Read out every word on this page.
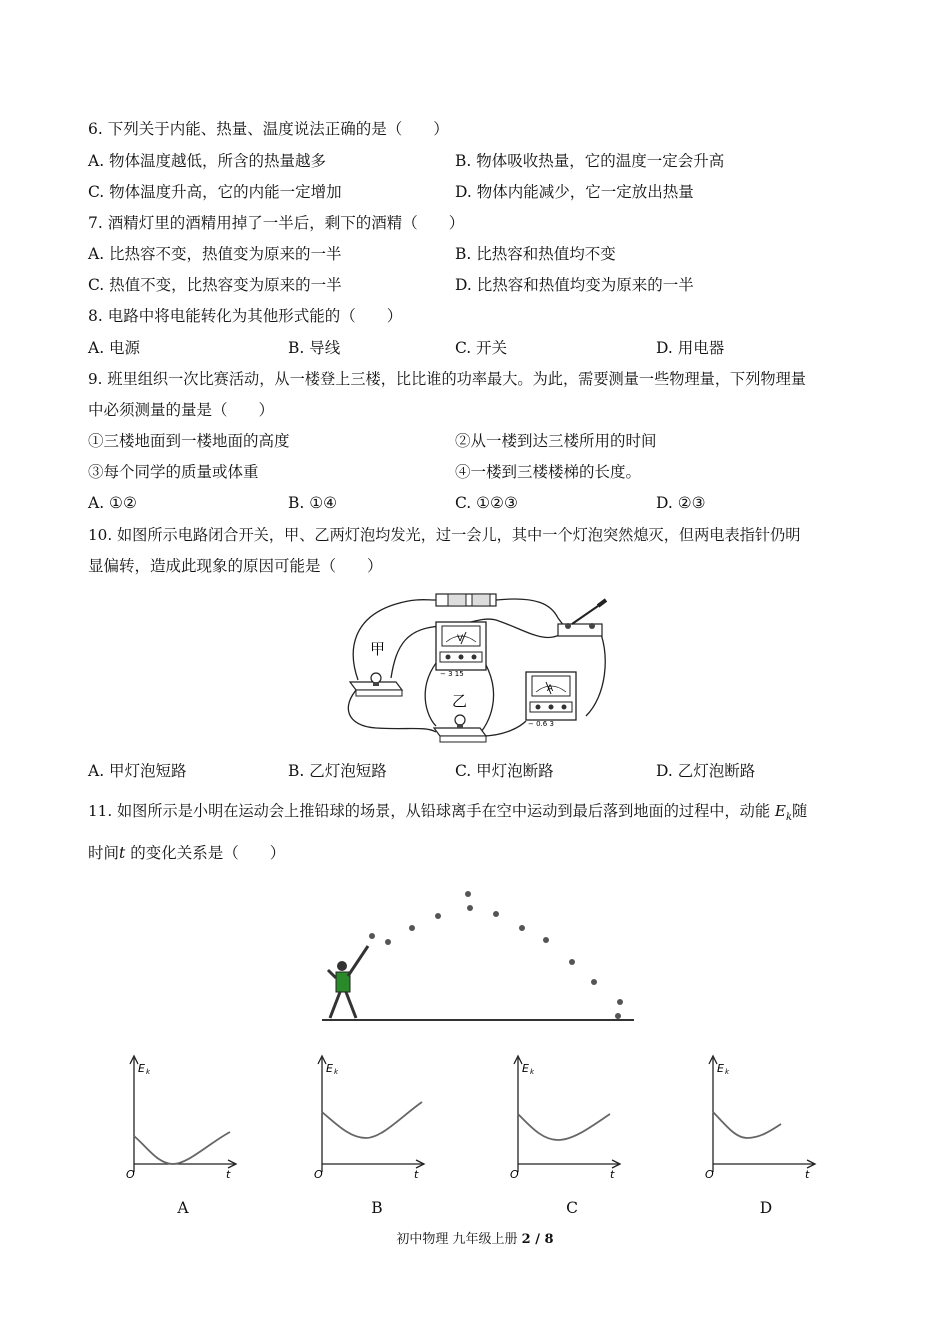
6. 下列关于内能、热量、温度说法正确的是（　　）
A. 物体温度越低，所含的热量越多	B. 物体吸收热量，它的温度一定会升高
C. 物体温度升高，它的内能一定增加	D. 物体内能减少，它一定放出热量
7. 酒精灯里的酒精用掉了一半后，剩下的酒精（　　）
A. 比热容不变，热值变为原来的一半	B. 比热容和热值均不变
C. 热值不变，比热容变为原来的一半	D. 比热容和热值均变为原来的一半
8. 电路中将电能转化为其他形式能的（　　）
A. 电源	B. 导线	C. 开关	D. 用电器
9. 班里组织一次比赛活动，从一楼登上三楼，比比谁的功率最大。为此，需要测量一些物理量，下列物理量
中必须测量的量是（　　）
①三楼地面到一楼地面的高度	②从一楼到达三楼所用的时间
③每个同学的质量或体重	④一楼到三楼楼梯的长度。
A. ①②	B. ①④	C. ①②③	D. ②③
10. 如图所示电路闭合开关，甲、乙两灯泡均发光，过一会儿，其中一个灯泡突然熄灭，但两电表指针仍明
显偏转，造成此现象的原因可能是（　　）
甲
V
− 3 15
乙
A
− 0.6 3
A. 甲灯泡短路	B. 乙灯泡短路	C. 甲灯泡断路	D. 乙灯泡断路
11. 如图所示是小明在运动会上推铅球的场景，从铅球离手在空中运动到最后落到地面的过程中，动能 $E_k$随
时间t 的变化关系是（　　）
E k
O	t
E k
O	t
E k
O	t
E k
O	t
A	B	C	D
初中物理 九年级上册 2 / 8
